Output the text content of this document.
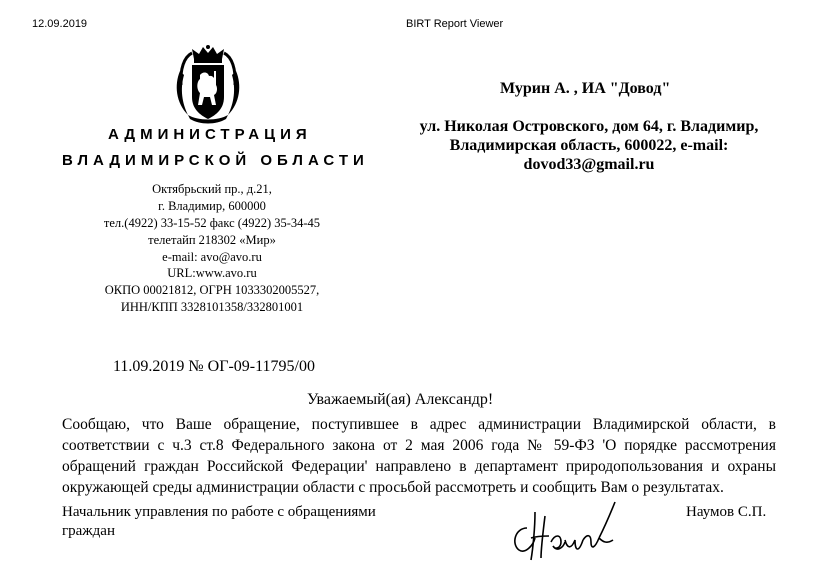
12.09.2019	BIRT Report Viewer
АДМИНИСТРАЦИЯ
ВЛАДИМИРСКОЙ ОБЛАСТИ
Октябрьский пр., д.21,
г. Владимир, 600000
тел.(4922) 33-15-52 факс (4922) 35-34-45
телетайп 218302 «Мир»
e-mail: avo@avo.ru
URL:www.avo.ru
ОКПО 00021812, ОГРН 1033302005527,
ИНН/КПП 3328101358/332801001
Мурин А. , ИА "Довод"
ул. Николая Островского, дом 64, г. Владимир,
Владимирская область, 600022, e-mail:
dovod33@gmail.ru
11.09.2019 № ОГ-09-11795/00
Уважаемый(ая) Александр!
Сообщаю, что Ваше обращение, поступившее в адрес администрации Владимирской области, в
соответствии с ч.3 ст.8 Федерального закона от 2 мая 2006 года № 59-ФЗ 'О порядке рассмотрения
обращений граждан Российской Федерации' направлено в департамент природопользования и охраны
окружающей среды администрации области с просьбой рассмотреть и сообщить Вам о результатах.
Начальник управления по работе с обращениями
граждан
Наумов С.П.
